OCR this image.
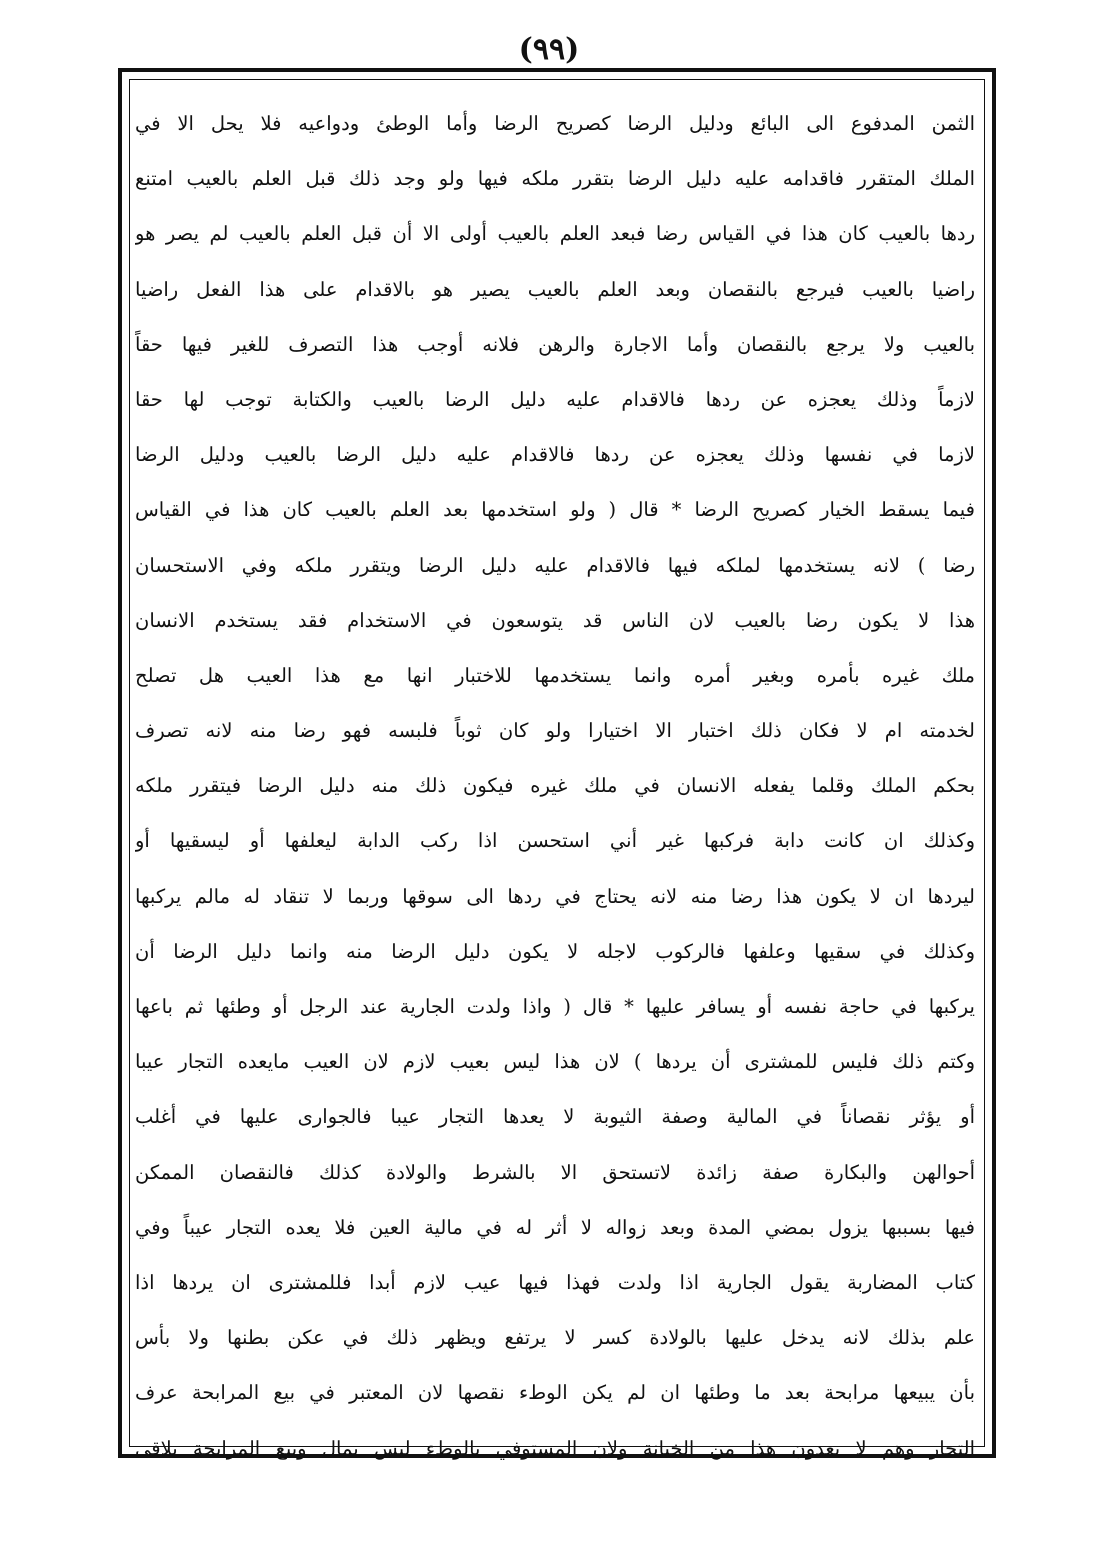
(٩٩)
الثمن المدفوع الى البائع ودليل الرضا كصريح الرضا وأما الوطئ ودواعيه فلا يحل الا في
الملك المتقرر فاقدامه عليه دليل الرضا بتقرر ملكه فيها ولو وجد ذلك قبل العلم بالعيب امتنع
ردها بالعيب كان هذا في القياس رضا فبعد العلم بالعيب أولى الا أن قبل العلم بالعيب لم يصر هو
راضيا بالعيب فيرجع بالنقصان وبعد العلم بالعيب يصير هو بالاقدام على هذا الفعل راضيا
بالعيب ولا يرجع بالنقصان وأما الاجارة والرهن فلانه أوجب هذا التصرف للغير فيها حقاً
لازماً وذلك يعجزه عن ردها فالاقدام عليه دليل الرضا بالعيب والكتابة توجب لها حقا
لازما في نفسها وذلك يعجزه عن ردها فالاقدام عليه دليل الرضا بالعيب ودليل الرضا
فيما يسقط الخيار كصريح الرضا * قال ( ولو استخدمها بعد العلم بالعيب كان هذا في القياس
رضا ) لانه يستخدمها لملكه فيها فالاقدام عليه دليل الرضا ويتقرر ملكه وفي الاستحسان
هذا لا يكون رضا بالعيب لان الناس قد يتوسعون في الاستخدام فقد يستخدم الانسان
ملك غيره بأمره وبغير أمره وانما يستخدمها للاختبار انها مع هذا العيب هل تصلح
لخدمته ام لا فكان ذلك اختبار الا اختيارا ولو كان ثوباً فلبسه فهو رضا منه لانه تصرف
بحكم الملك وقلما يفعله الانسان في ملك غيره فيكون ذلك منه دليل الرضا فيتقرر ملكه
وكذلك ان كانت دابة فركبها غير أني استحسن اذا ركب الدابة ليعلفها أو ليسقيها أو
ليردها ان لا يكون هذا رضا منه لانه يحتاج في ردها الى سوقها وربما لا تنقاد له مالم يركبها
وكذلك في سقيها وعلفها فالركوب لاجله لا يكون دليل الرضا منه وانما دليل الرضا أن
يركبها في حاجة نفسه أو يسافر عليها * قال ( واذا ولدت الجارية عند الرجل أو وطئها ثم باعها
وكتم ذلك فليس للمشترى أن يردها ) لان هذا ليس بعيب لازم لان العيب مايعده التجار عيبا
أو يؤثر نقصاناً في المالية وصفة الثيوبة لا يعدها التجار عيبا فالجوارى عليها في أغلب
أحوالهن والبكارة صفة زائدة لاتستحق الا بالشرط والولادة كذلك فالنقصان الممكن
فيها بسببها يزول بمضي المدة وبعد زواله لا أثر له في مالية العين فلا يعده التجار عيباً وفي
كتاب المضاربة يقول الجارية اذا ولدت فهذا فيها عيب لازم أبدا فللمشترى ان يردها اذا
علم بذلك لانه يدخل عليها بالولادة كسر لا يرتفع ويظهر ذلك في عكن بطنها ولا بأس
بأن يبيعها مرابحة بعد ما وطئها ان لم يكن الوطء نقصها لان المعتبر في بيع المرابحة عرف
التجار وهم لا يعدون هذا من الخيانة ولان المستوفي بالوطء ليس بمال وبيع المرابحة يلاقى
